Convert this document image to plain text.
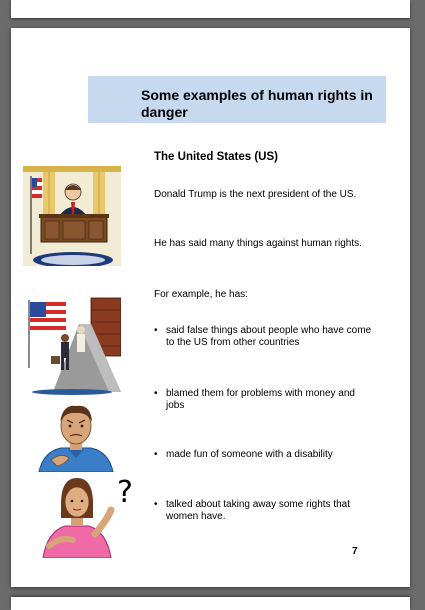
Some examples of human rights in danger
The United States (US)
Donald Trump is the next president of the US.
He has said many things against human rights.
For example, he has:
• said false things about people who have come to the US from other countries
• blamed them for problems with money and jobs
• made fun of someone with a disability
? • talked about taking away some rights that women have.
7
